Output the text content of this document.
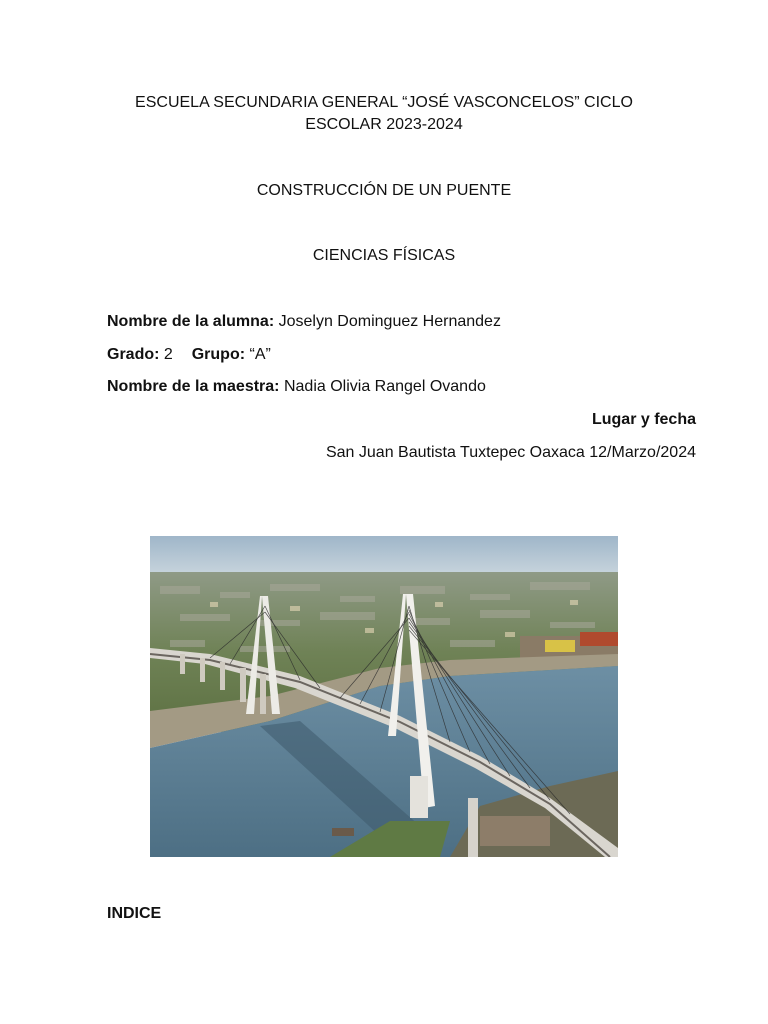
ESCUELA SECUNDARIA GENERAL “JOSÉ VASCONCELOS” CICLO

ESCOLAR 2023-2024

CONSTRUCCIÓN DE UN PUENTE

CIENCIAS FÍSICAS

Nombre de la alumna: Joselyn Dominguez Hernandez
Grado: 2 Grupo: “A”
Nombre de la maestra: Nadia Olivia Rangel Ovando
Lugar y fecha
San Juan Bautista Tuxtepec Oaxaca 12/Marzo/2024
INDICE
